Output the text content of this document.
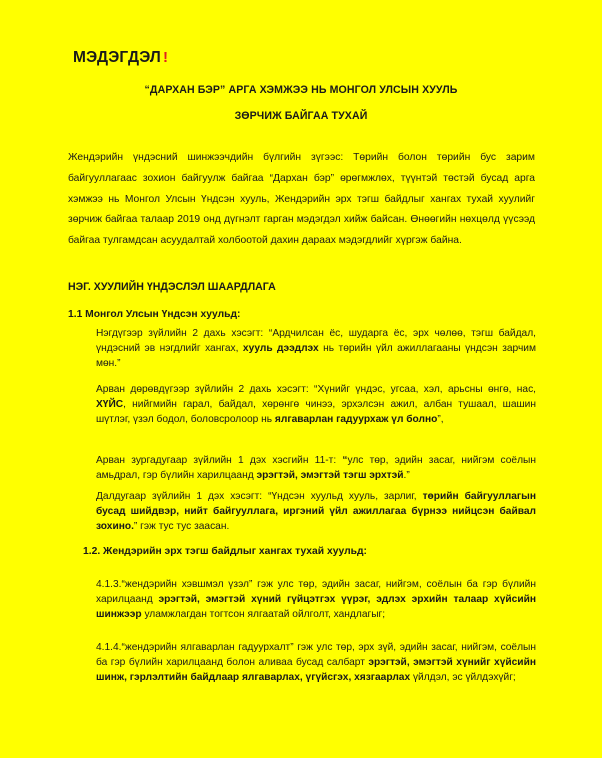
МЭДЭГДЭЛ !
“ДАРХАН БЭР” АРГА ХЭМЖЭЭ НЬ МОНГОЛ УЛСЫН ХУУЛЬ
ЗӨРЧИЖ БАЙГАА ТУХАЙ
Жендэрийн үндэсний шинжээчдийн бүлгийн зүгээс: Төрийн болон төрийн бус зарим байгууллагаас зохион байгуулж байгаа “Дархан бэр” өрөгмжлөх, түүнтэй төстэй бусад арга хэмжээ нь Монгол Улсын Үндсэн хууль, Жендэрийн эрх тэгш байдлыг хангах тухай хуулийг зөрчиж байгаа талаар 2019 онд дүгнэлт гарган мэдэгдэл хийж байсан. Өнөөгийн нөхцөлд үүсээд байгаа тулгамдсан асуудалтай холбоотой дахин дараах мэдэгдлийг хүргэж байна.
НЭГ. ХУУЛИЙН ҮНДЭСЛЭЛ ШААРДЛАГА
1.1 Монгол Улсын Үндсэн хуульд:
Нэгдүгээр зүйлийн 2 дахь хэсэгт: “Ардчилсан ёс, шударга ёс, эрх чөлөө, тэгш байдал, үндэсний эв нэгдлийг хангах, хууль дээдлэх нь төрийн үйл ажиллагааны үндсэн зарчим мөн.”
Арван дөрөвдүгээр зүйлийн 2 дахь хэсэгт: “Хүнийг үндэс, угсаа, хэл, арьсны өнгө, нас, ХҮЙС, нийгмийн гарал, байдал, хөрөнгө чинээ, эрхэлсэн ажил, албан тушаал, шашин шүтлэг, үзэл бодол, боловсролоор нь ялгаварлан гадуурхаж үл болно”,
Арван зургадугаар зүйлийн 1 дэх хэсгийн 11-т: “улс төр, эдийн засаг, нийгэм соёлын амьдрал, гэр бүлийн харилцаанд эрэгтэй, эмэгтэй тэгш эрхтэй.”
Далдугаар зүйлийн 1 дэх хэсэгт: “Үндсэн хуульд хууль, зарлиг, төрийн байгууллагын бусад шийдвэр, нийт байгууллага, иргэний үйл ажиллагаа бүрнээ нийцсэн байвал зохино.” гэж тус тус заасан.
1.2. Жендэрийн эрх тэгш байдлыг хангах тухай хуульд:
4.1.3.“жендэрийн хэвшмэл үзэл” гэж улс төр, эдийн засаг, нийгэм, соёлын ба гэр бүлийн харилцаанд эрэгтэй, эмэгтэй хүний гүйцэтгэх үүрэг, эдлэх эрхийн талаар хүйсийн шинжээр уламжлагдан тогтсон ялгаатай ойлголт, хандлагыг;
4.1.4.“жендэрийн ялгаварлан гадуурхалт” гэж улс төр, эрх зүй, эдийн засаг, нийгэм, соёлын ба гэр бүлийн харилцаанд болон аливаа бусад салбарт эрэгтэй, эмэгтэй хүнийг хүйсийн шинж, гэрлэлтийн байдлаар ялгаварлах, үгүйсгэх, хязгаарлах үйлдэл, эс үйлдэхүйг;
